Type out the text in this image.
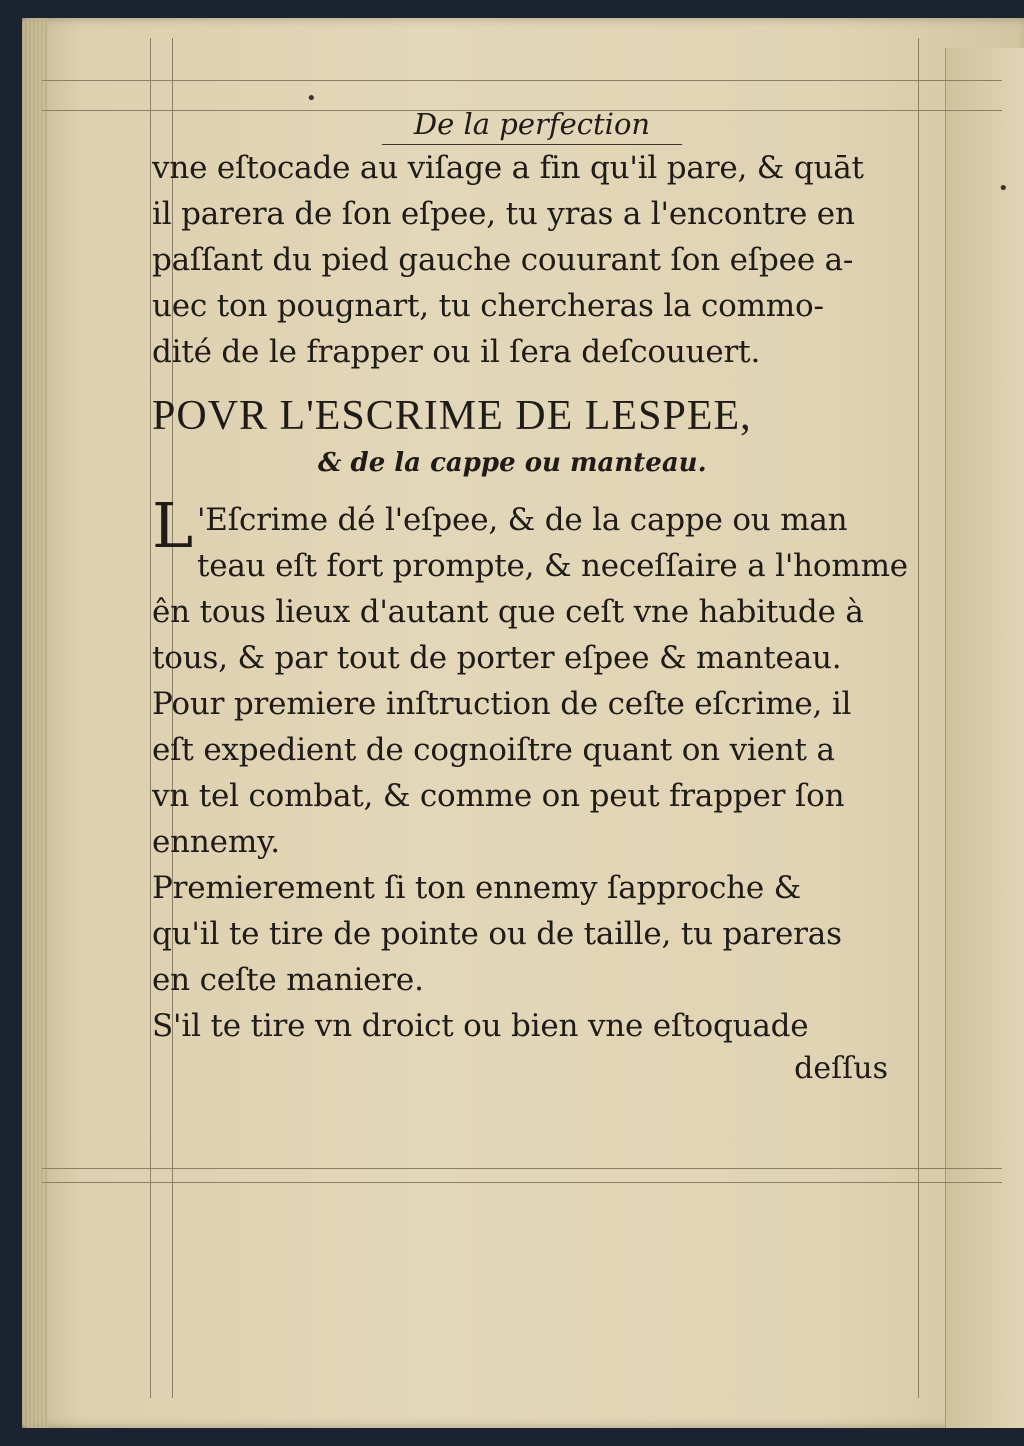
•
•
De la perfection
vne eſtocade au viſage a fin qu'il pare, & quāt
il parera de ſon eſpee, tu yras a l'encontre en
paſſant du pied gauche couurant ſon eſpee a-
uec ton pougnart, tu chercheras la commo-
dité de le frapper ou il ſera deſcouuert.
POVR L'ESCRIME DE LESPEE,
& de la cappe ou manteau.
L 'Eſcrime dé l'eſpee, & de la cappe ou man
teau eſt fort prompte, & neceſſaire a l'homme
ên tous lieux d'autant que ceſt vne habitude à
tous, & par tout de porter eſpee & manteau.
Pour premiere inſtruction de ceſte eſcrime, il
eſt expedient de cognoiſtre quant on vient a
vn tel combat, & comme on peut frapper ſon
ennemy.
Premierement ſi ton ennemy ſapproche &
qu'il te tire de pointe ou de taille, tu pareras
en ceſte maniere.
S'il te tire vn droict ou bien vne eſtoquade
deſſus
